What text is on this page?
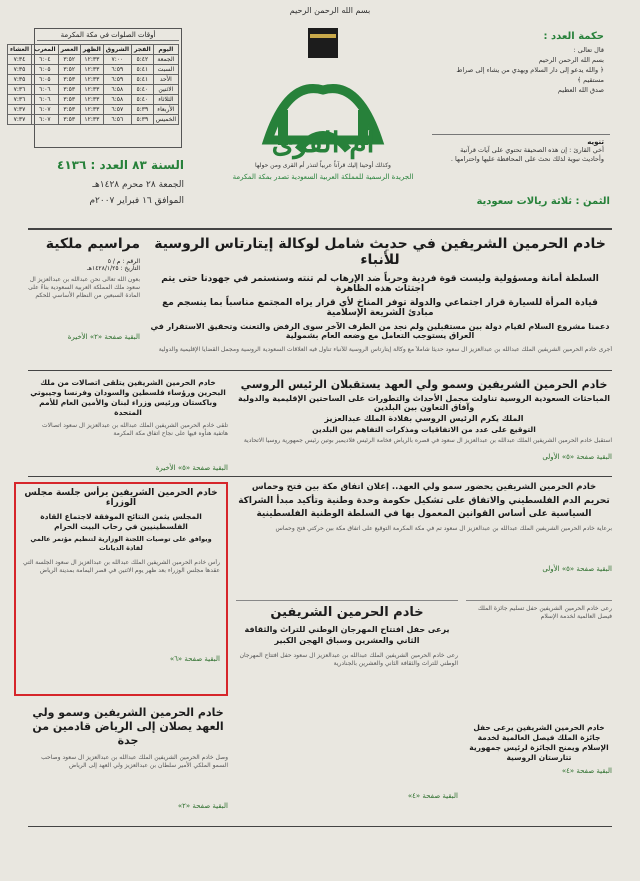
بسم الله الرحمن الرحيم
أوقات الصلوات في مكة المكرمة
اليوم	الفجر	الشروق	الظهر	العصر	المغرب	العشاء
الجمعة	٥:٤٢	٧:٠٠	١٢:٣٣	٣:٥٢	٦:٠٤	٧:٣٤
السبت	٥:٤١	٦:٥٩	١٢:٣٣	٣:٥٢	٦:٠٥	٧:٣٥
الأحد	٥:٤١	٦:٥٩	١٢:٣٣	٣:٥٣	٦:٠٥	٧:٣٥
الاثنين	٥:٤٠	٦:٥٨	١٢:٣٣	٣:٥٣	٦:٠٦	٧:٣٦
الثلاثاء	٥:٤٠	٦:٥٨	١٢:٣٣	٣:٥٣	٦:٠٦	٧:٣٦
الأربعاء	٥:٣٩	٦:٥٧	١٢:٣٣	٣:٥٣	٦:٠٧	٧:٣٧
الخميس	٥:٣٩	٦:٥٦	١٢:٣٣	٣:٥٣	٦:٠٧	٧:٣٧
أم القرى
وكذلك أوحينا إليك قرآناً عربياً لتنذر أم القرى ومن حولها
الجريدة الرسمية للمملكة العربية السعودية تصدر بمكة المكرمة
السنة ٨٣ العدد : ٤١٣٦
الجمعة ٢٨ محرم ١٤٢٨هـ
الموافق ١٦ فبراير ٢٠٠٧م
حكمة العدد :
قال تعالى :
بسم الله الرحمن الرحيم
﴿ والله يدعو إلى دار السلام ويهدي من يشاء إلى صراط مستقيم ﴾
صدق الله العظيم
تنويه
أخي القارئ : إن هذه الصحيفة تحتوي على آيات قرآنية وأحاديث نبوية لذلك نحث على المحافظة عليها واحترامها .
الثمن : ثلاثة ريالات سعودية
مراسيم ملكية
الرقم : م / ٥
التاريخ : ١٤٢٨/١/٢٥هـ
بعون الله تعالى نحن عبدالله بن عبدالعزيز آل سعود ملك المملكة العربية السعودية بناءً على المادة السبعين من النظام الأساسي للحكم
البقية صفحة «٢» الأخيرة
خادم الحرمين الشريفين في حديث شامل لوكالة إيتارتاس الروسية للأنباء
السلطة أمانة ومسؤولية وليست قوة فردية وحرباً ضد الإرهاب لم تنته وسنستمر في جهودنا حتى يتم اجتثاث هذه الظاهرة
قيادة المرأة للسيارة قرار اجتماعي والدولة توفر المناخ لأي قرار يراه المجتمع مناسباً بما ينسجم مع مبادئ الشريعة الإسلامية
دعمنا مشروع السلام لقيام دولة بين مستقبلين ولم نجد من الطرف الآخر سوى الرفض والتعنت وتحقيق الاستقرار في العراق يستوجب التعامل مع وضعه العام بشمولية
أجرى خادم الحرمين الشريفين الملك عبدالله بن عبدالعزيز آل سعود حديثاً شاملاً مع وكالة إيتارتاس الروسية للأنباء تناول فيه العلاقات السعودية الروسية ومجمل القضايا الإقليمية والدولية
خادم الحرمين الشريفين يتلقى اتصالات من ملك البحرين ورؤساء فلسطين والسودان وفرنسا وجيبوتي وباكستان ورئيس وزراء لبنان والأمين العام للأمم المتحدة
تلقى خادم الحرمين الشريفين الملك عبدالله بن عبدالعزيز آل سعود اتصالات هاتفية هنأوه فيها على نجاح اتفاق مكة المكرمة
البقية صفحة «٥» الأخيرة
خادم الحرمين الشريفين وسمو ولي العهد يستقبلان الرئيس الروسي
المباحثات السعودية الروسية تناولت مجمل الأحداث والتطورات على الساحتين الإقليمية والدولية وآفاق التعاون بين البلدين
الملك يكرم الرئيس الروسي بقلادة الملك عبدالعزيز
التوقيع على عدد من الاتفاقيات ومذكرات التفاهم بين البلدين
استقبل خادم الحرمين الشريفين الملك عبدالله بن عبدالعزيز آل سعود في قصره بالرياض فخامة الرئيس فلاديمير بوتين رئيس جمهورية روسيا الاتحادية
البقية صفحة «٥» الأولى
خادم الحرمين الشريفين يرأس جلسة مجلس الوزراء
المجلس يثمن النتائج الموفقة لاجتماع القادة الفلسطينيين في رحاب البيت الحرام
ويوافق على توصيات اللجنة الوزارية لتنظيم مؤتمر عالمي لقادة الديانات
رأس خادم الحرمين الشريفين الملك عبدالله بن عبدالعزيز آل سعود الجلسة التي عقدها مجلس الوزراء بعد ظهر يوم الاثنين في قصر اليمامة بمدينة الرياض
البقية صفحة «٦»
خادم الحرمين الشريفين يحضور سمو ولي العهد.. إعلان اتفاق مكة بين فتح وحماس
تحريم الدم الفلسطيني والاتفاق على تشكيل حكومة وحدة وطنية وتأكيد مبدأ الشراكة
السياسية على أساس القوانين المعمول بها في السلطة الوطنية الفلسطينية
برعاية خادم الحرمين الشريفين الملك عبدالله بن عبدالعزيز آل سعود تم في مكة المكرمة التوقيع على اتفاق مكة بين حركتي فتح وحماس
البقية صفحة «٥» الأولى
خادم الحرمين الشريفين
يرعى حفل افتتاح المهرجان الوطني للتراث والثقافة الثاني والعشرين وسباق الهجن الكبير
رعى خادم الحرمين الشريفين الملك عبدالله بن عبدالعزيز آل سعود حفل افتتاح المهرجان الوطني للتراث والثقافة الثاني والعشرين بالجنادرية
البقية صفحة «٤»
رعى خادم الحرمين الشريفين حفل تسليم جائزة الملك فيصل العالمية لخدمة الإسلام
خادم الحرمين الشريفين يرعى حفل جائزة الملك فيصل العالمية لخدمة الإسلام ويمنح الجائزة لرئيس جمهورية تتارستان الروسية
البقية صفحة «٤»
خادم الحرمين الشريفين وسمو ولي العهد يصلان إلى الرياض قادمين من جدة
وصل خادم الحرمين الشريفين الملك عبدالله بن عبدالعزيز آل سعود وصاحب السمو الملكي الأمير سلطان بن عبدالعزيز ولي العهد إلى الرياض
البقية صفحة «٢»
